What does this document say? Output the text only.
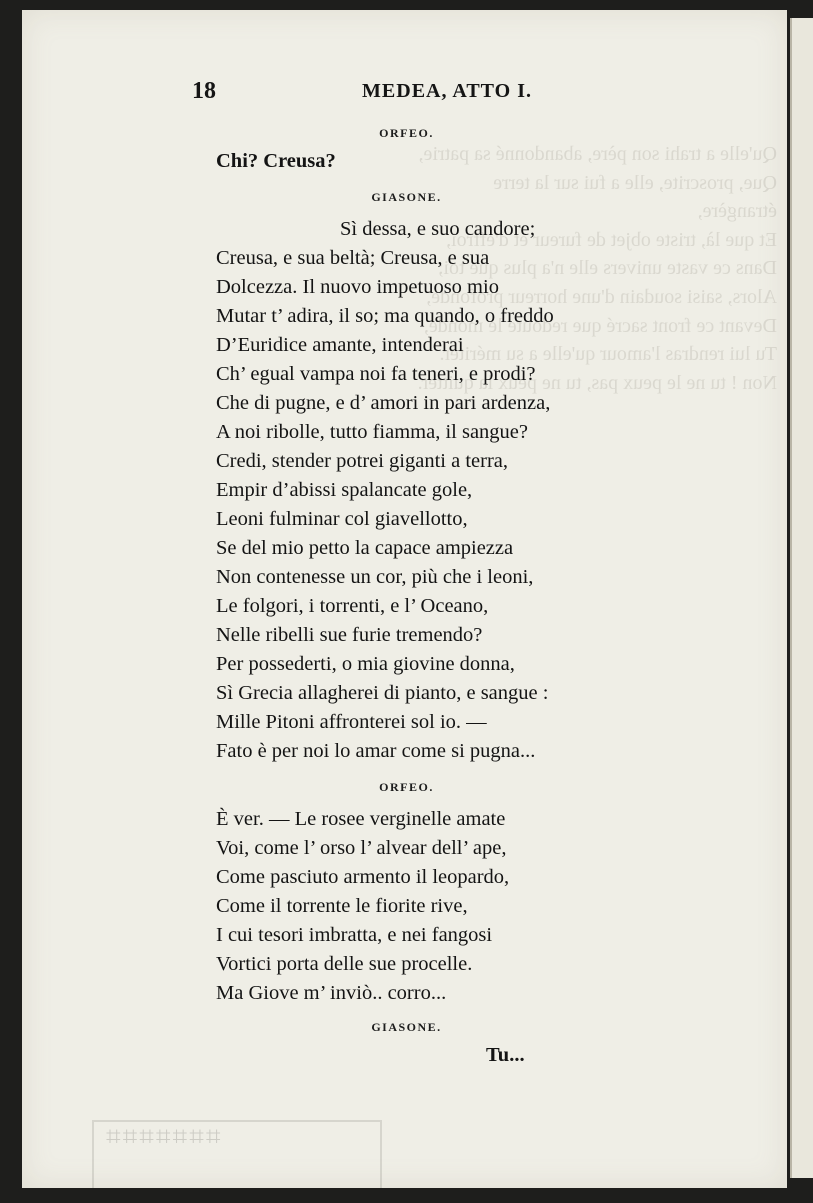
Qu'elle a trahi son père, abandonné sa patrie,
Que, proscrite, elle a fui sur la terre étrangère,
Et que là, triste objet de fureur et d'effroi,
Dans ce vaste univers elle n'a plus que toi;
Alors, saisi soudain d'une horreur profonde,
Devant ce front sacré que redoute le monde,
Tu lui rendras l'amour qu'elle a su mériter.
Non ! tu ne le peux pas, tu ne peux la quitter.
⌗⌗⌗⌗⌗⌗⌗
18	MEDEA, ATTO I.
ORFEO.
Chi? Creusa?
GIASONE.
Sì dessa, e suo candore;
Creusa, e sua beltà; Creusa, e sua
Dolcezza. Il nuovo impetuoso mio
Mutar t’ adira, il so; ma quando, o freddo
D’Euridice amante, intenderai
Ch’ egual vampa noi fa teneri, e prodi?
Che di pugne, e d’ amori in pari ardenza,
A noi ribolle, tutto fiamma, il sangue?
Credi, stender potrei giganti a terra,
Empir d’abissi spalancate gole,
Leoni fulminar col giavellotto,
Se del mio petto la capace ampiezza
Non contenesse un cor, più che i leoni,
Le folgori, i torrenti, e l’ Oceano,
Nelle ribelli sue furie tremendo?
Per possederti, o mia giovine donna,
Sì Grecia allagherei di pianto, e sangue :
Mille Pitoni affronterei sol io. —
Fato è per noi lo amar come si pugna...
ORFEO.
È ver. — Le rosee verginelle amate
Voi, come l’ orso l’ alvear dell’ ape,
Come pasciuto armento il leopardo,
Come il torrente le fiorite rive,
I cui tesori imbratta, e nei fangosi
Vortici porta delle sue procelle.
Ma Giove m’ inviò.. corro...
GIASONE.
Tu...
